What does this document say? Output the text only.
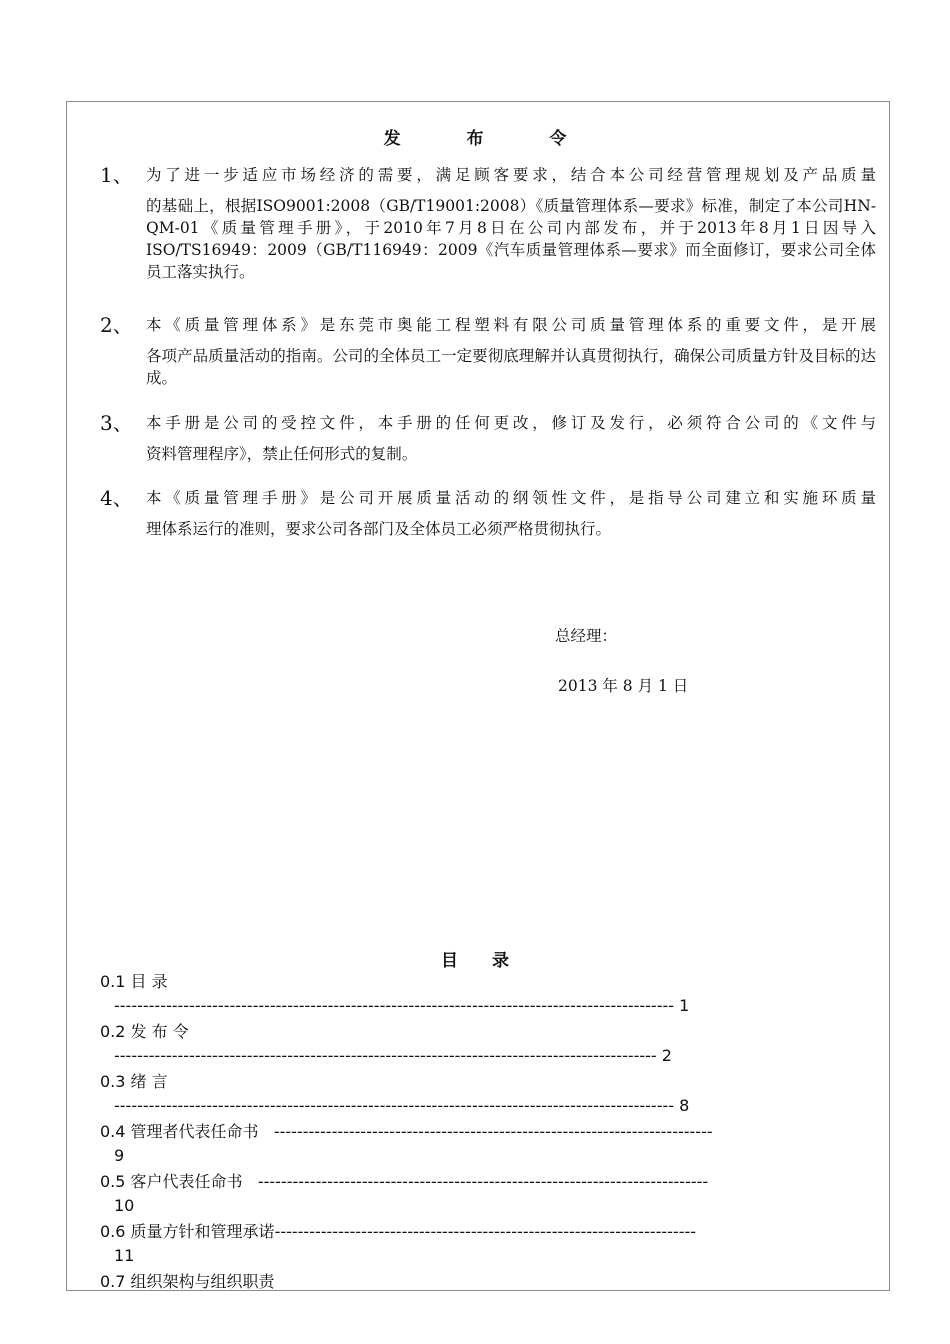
发 布 令
1、 为了进一步适应市场经济的需要，满足顾客要求，结合本公司经营管理规划及产品质量
的基础上，根据ISO9001:2008（GB/T19001:2008）《质量管理体系—要求》标准，制定了本公司HN-QM-01《质量管理手册》，于2010年7月8日在公司内部发布，并于2013年8月1日因导入ISO/TS16949：2009（GB/T116949：2009《汽车质量管理体系—要求》而全面修订，要求公司全体员工落实执行。
2、 本《质量管理体系》是东莞市奥能工程塑料有限公司质量管理体系的重要文件，是开展
各项产品质量活动的指南。公司的全体员工一定要彻底理解并认真贯彻执行，确保公司质量方针及目标的达成。
3、 本手册是公司的受控文件，本手册的任何更改，修订及发行，必须符合公司的《文件与
资料管理程序》，禁止任何形式的复制。
4、 本《质量管理手册》是公司开展质量活动的纲领性文件，是指导公司建立和实施环质量
理体系运行的准则，要求公司各部门及全体员工必须严格贯彻执行。
总经理：
2013 年 8 月 1 日
目 录
0.1 目 录
------------------------------------------------------------------------------------------------- 1
0.2 发 布 令
---------------------------------------------------------------------------------------------- 2
0.3 绪 言
------------------------------------------------------------------------------------------------- 8
0.4 管理者代表任命书 ----------------------------------------------------------------------------
9
0.5 客户代表任命书 ------------------------------------------------------------------------------
10
0.6 质量方针和管理承诺-------------------------------------------------------------------------
11
0.7 组织架构与组织职责
